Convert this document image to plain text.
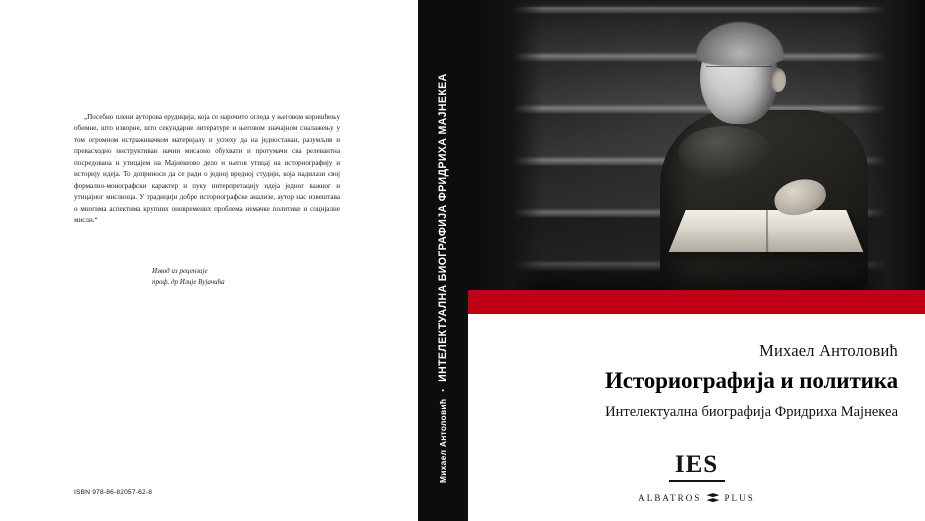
„Посебно плени ауторова ерудиција, која се нарочито огледа у његовом коришћењу обимне, што изворне, што секундарне литературе и његовом значајном сналажењу у том огромном истраживачком материјалу и успеху да на једноставан, разумљив и превасходно инструктиван начин мисаоно обухвати и протумачи сва релевантна посредована и утицајем на Мајнекеово дело и његов утицај на историографију и историју идеја. То доприноси да се ради о једној вредној студији, која надилази свој формално-монографски карактер и пуку интерпретацију идеја једног важног и утицајног мислиоца. У традицији добре историографске анализе, аутор нас извештава о многима аспектима крупних оновремених проблема немачке политике и социјалне мисли.“

Извод из рецензије
проф. др Илије Вујачића
ISBN 978-86-82057-62-8
Михаел Антоловић
•
ИНТЕЛЕКТУАЛНА БИОГРАФИЈА ФРИДРИХА МАЈНЕКЕА	Михаел Антоловић
Историографија и политика
Интелектуална биографија Фридриха Мајнекеа
IES
ALBATROS	PLUS
